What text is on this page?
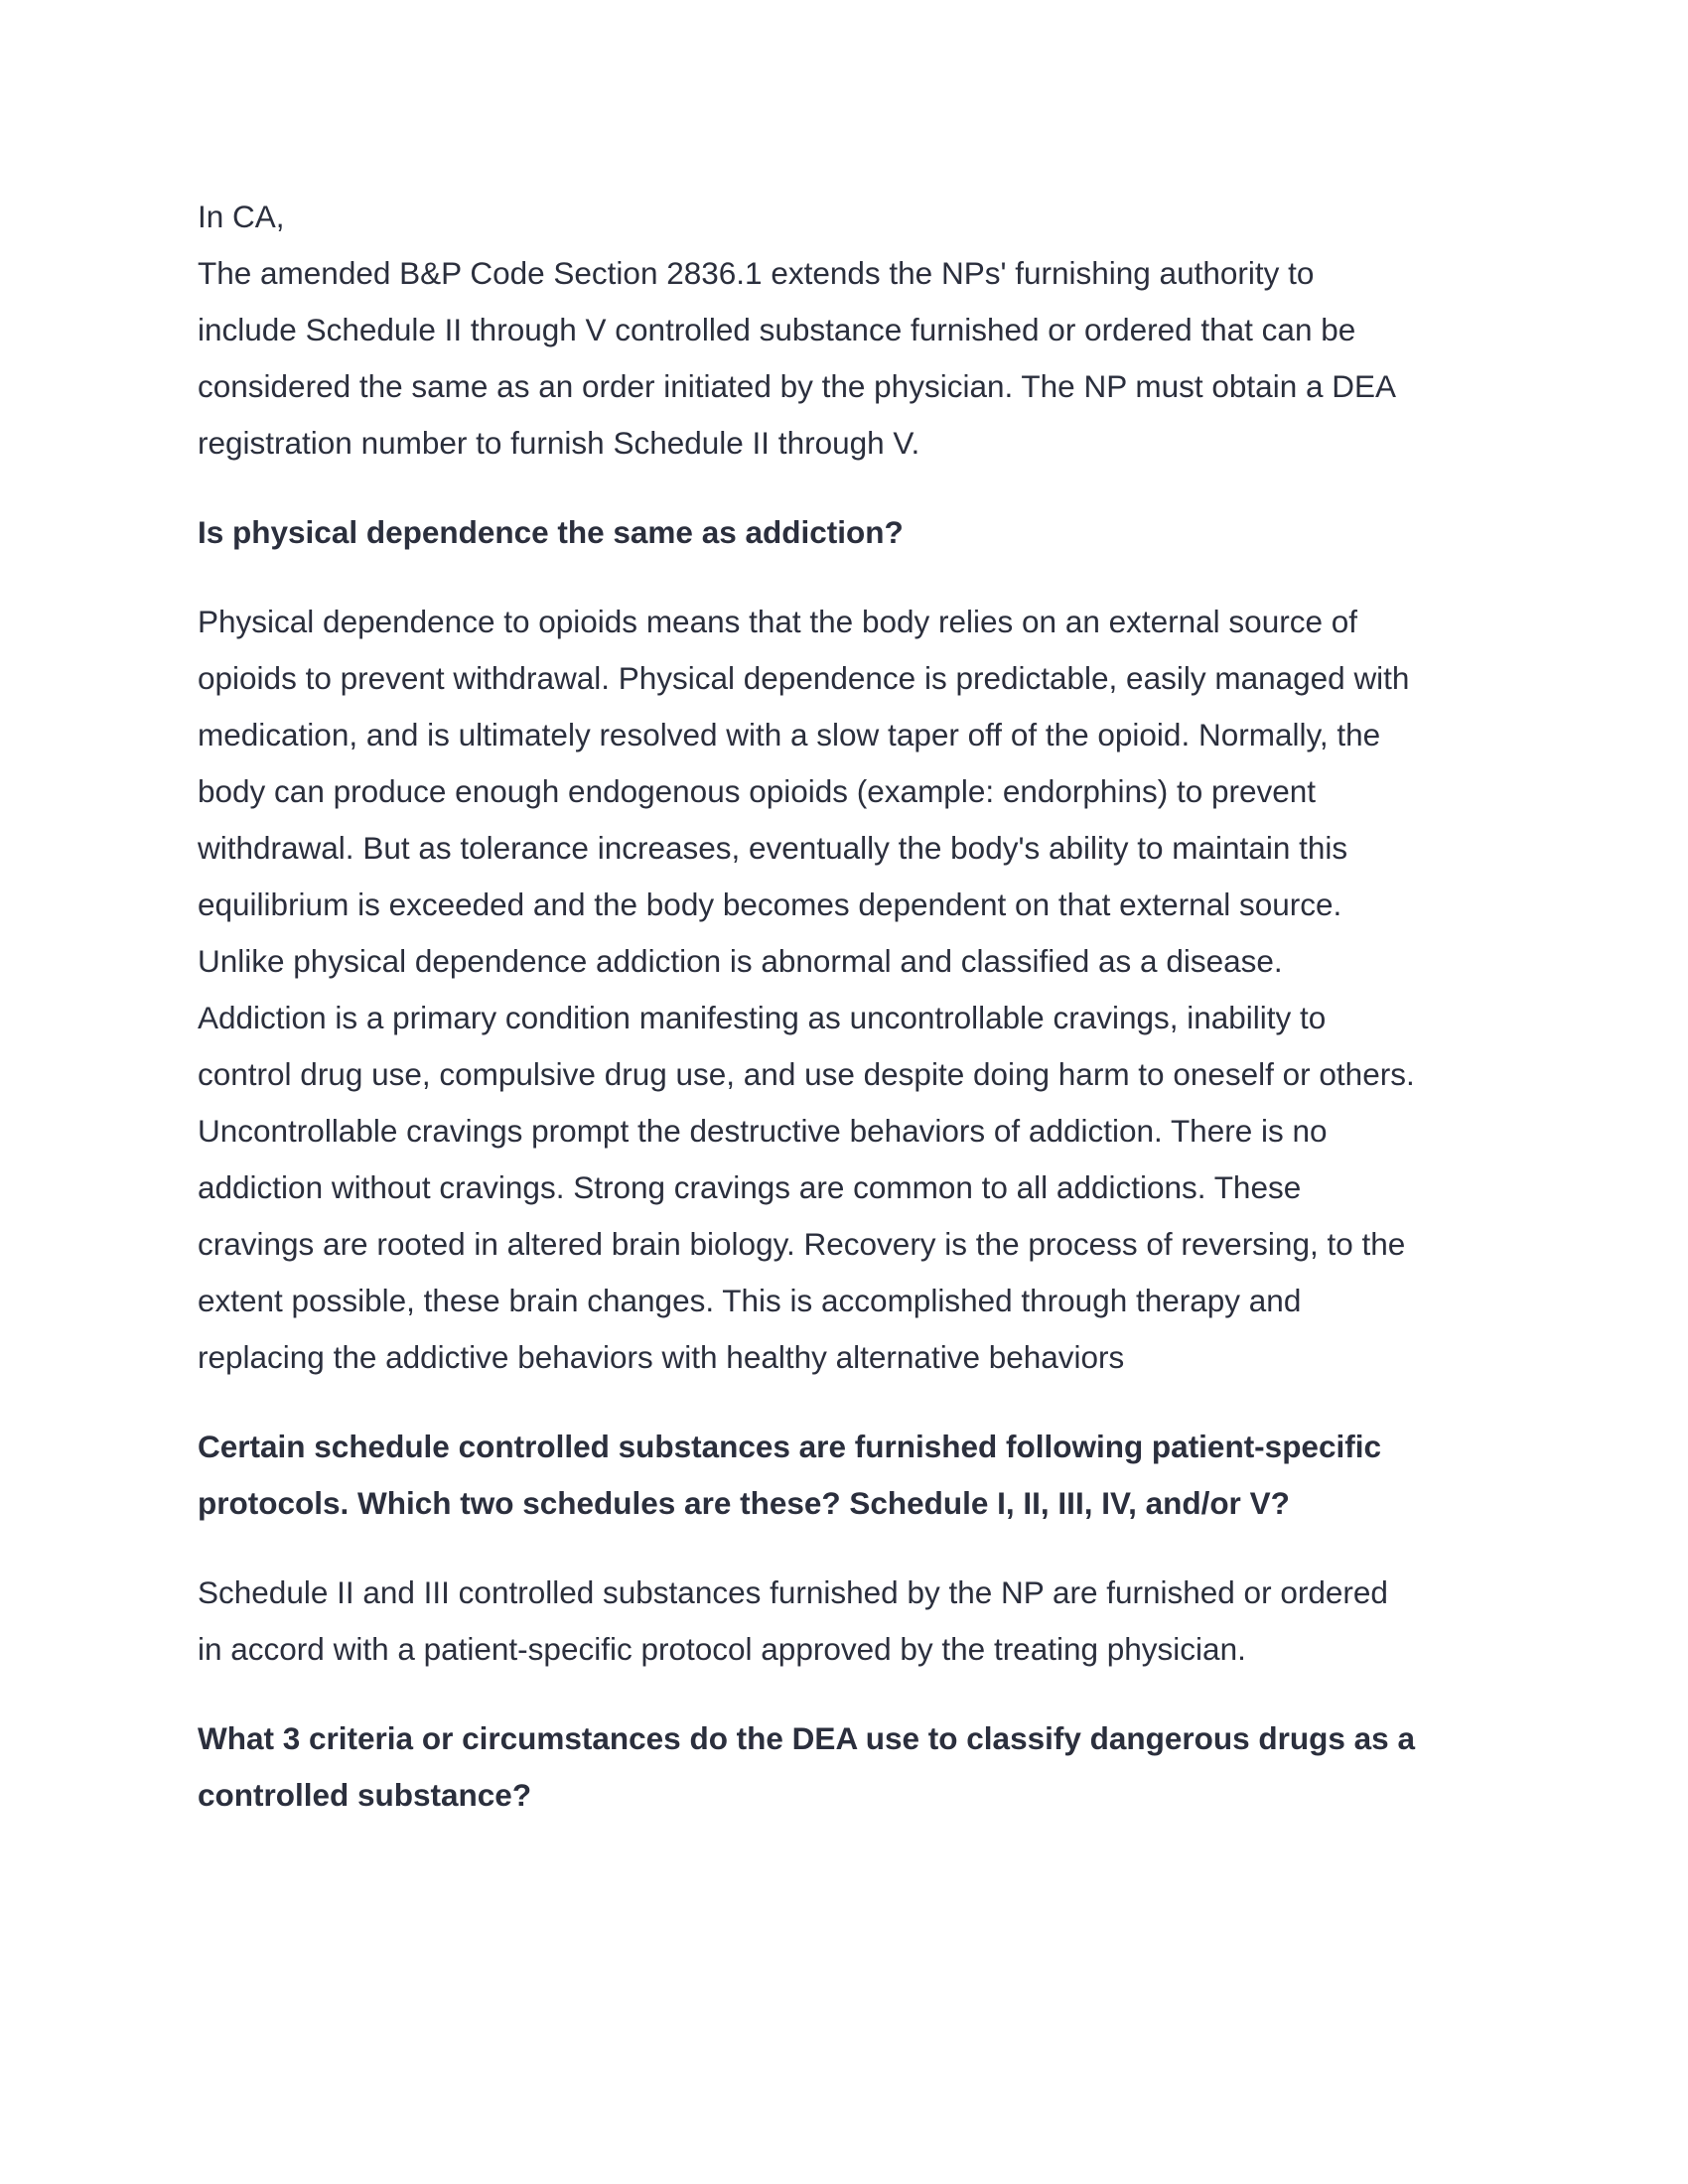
In CA,
The amended B&P Code Section 2836.1 extends the NPs' furnishing authority to
include Schedule II through V controlled substance furnished or ordered that can be
considered the same as an order initiated by the physician. The NP must obtain a DEA
registration number to furnish Schedule II through V.
Is physical dependence the same as addiction?
Physical dependence to opioids means that the body relies on an external source of
opioids to prevent withdrawal. Physical dependence is predictable, easily managed with
medication, and is ultimately resolved with a slow taper off of the opioid. Normally, the
body can produce enough endogenous opioids (example: endorphins) to prevent
withdrawal. But as tolerance increases, eventually the body's ability to maintain this
equilibrium is exceeded and the body becomes dependent on that external source.
Unlike physical dependence addiction is abnormal and classified as a disease.
Addiction is a primary condition manifesting as uncontrollable cravings, inability to
control drug use, compulsive drug use, and use despite doing harm to oneself or others.
Uncontrollable cravings prompt the destructive behaviors of addiction. There is no
addiction without cravings. Strong cravings are common to all addictions. These
cravings are rooted in altered brain biology. Recovery is the process of reversing, to the
extent possible, these brain changes. This is accomplished through therapy and
replacing the addictive behaviors with healthy alternative behaviors
Certain schedule controlled substances are furnished following patient-specific
protocols. Which two schedules are these? Schedule I, II, III, IV, and/or V?
Schedule II and III controlled substances furnished by the NP are furnished or ordered
in accord with a patient-specific protocol approved by the treating physician.
What 3 criteria or circumstances do the DEA use to classify dangerous drugs as a
controlled substance?
